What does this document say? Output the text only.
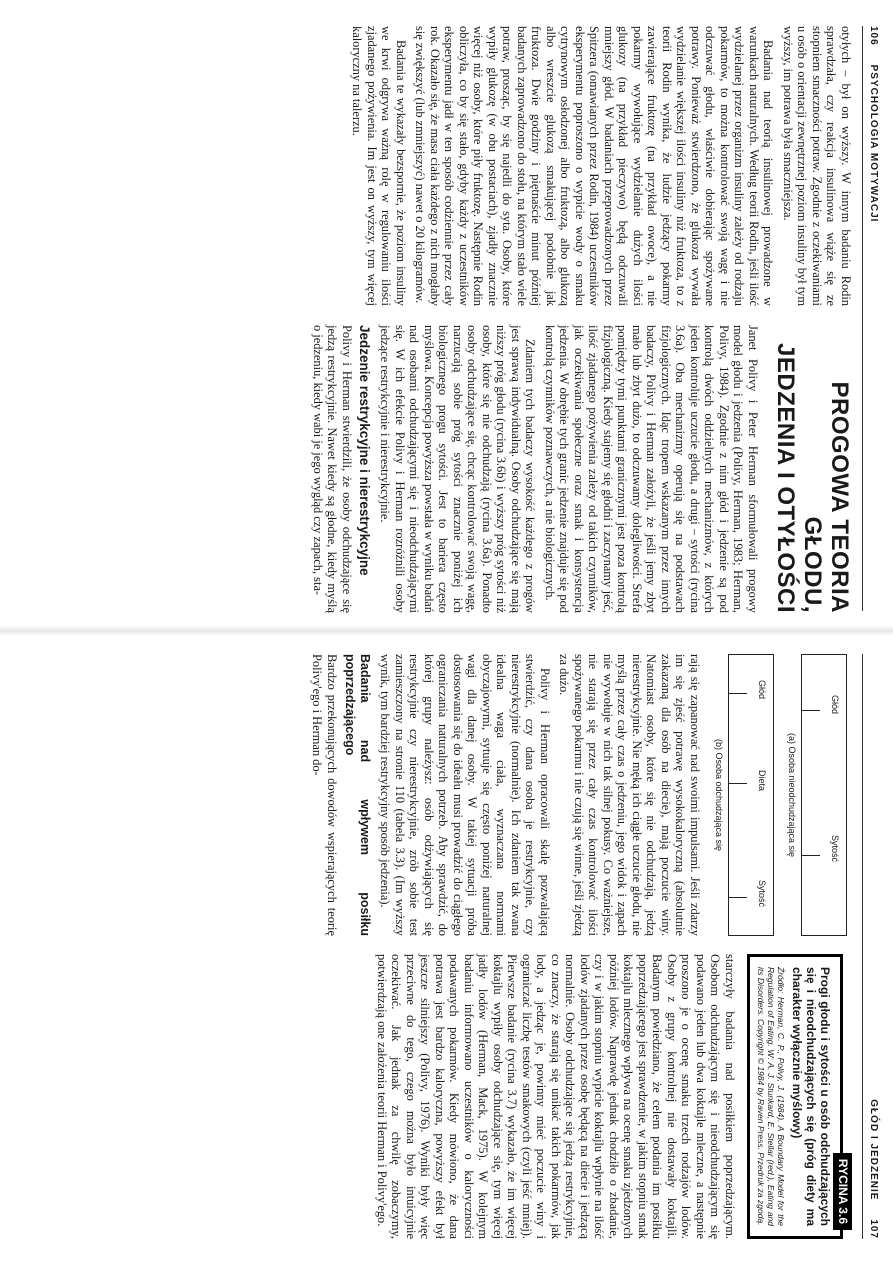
106     PSYCHOLOGIA MOTYWACJI

otyłych – był on wyższy. W innym badaniu Rodin sprawdzała, czy reakcja insulinowa wiąże się ze stopniem smaczności potraw. Zgodnie z oczekiwaniami u osób o orientacji zewnętrznej poziom insuliny był tym wyższy, im potrawa była smaczniejsza.

Badania nad teorią insulinowej prowadzone w warunkach naturalnych. Według teorii Rodin, jeśli ilość wydzielanej przez organizm insuliny zależy od rodzaju pokarmów, to można kontrolować swoją wagę i nie odczuwać głodu, właściwie dobierając spożywane potrawy. Ponieważ stwierdzono, że glukoza wywała wydzielanie większej ilości insuliny niż fruktoza, to z teorii Rodin wynika, że ludzie jedzący pokarmy zawierające fruktozę (na przykład owoce), a nie pokarmy wywołujące wydzielanie dużych ilości glukozy (na przykład pieczywo) będą odczuwali mniejszy głód. W badaniach przeprowadzonych przez Spitzera (omawianych przez Rodin, 1984) uczestników eksperymentu poproszono o wypicie wody o smaku cytrynowym osłodzonej albo fruktozą, albo glukozą albo wreszcie glukozą smakującej podobnie jak fruktoza. Dwie godziny i piętnaście minut później badanych zaprowadzono do stołu, na którym stało wiele potraw, prosząc, by się najedli do syta. Osoby, które wypiły glukozę (w obu postaciach), zjadły znacznie więcej niż osoby, które piły fruktozę. Następnie Rodin obliczyła, co by się stało, gdyby każdy z uczestników eksperymentu jadł w ten sposób codziennie przez cały rok. Okazało się, że masa ciała każdego z nich mogłaby się zwiększyć (lub zmniejszyć) nawet o 20 kilogramów.

Badania te wykazały bezspornie, że poziom insuliny we krwi odgrywa ważną rolę w regulowaniu ilości zjadanego pożywienia. Im jest on wyższy, tym więcej kaloryczny na talerzu.

PROGOWA TEORIA GŁODU,
JEDZENIA I OTYŁOŚCI

Janet Polivy i Peter Herman sformułowali progowy model głodu i jedzenia (Polivy, Herman, 1983; Herman, Polivy, 1984). Zgodnie z nim głód i jedzenie są pod kontrolą dwóch oddzielnych mechanizmów, z których jeden kontroluje uczucie głodu, a drugi – sytości (rycina 3.6a). Oba mechanizmy operują się na podstawach fizjologicznych. Idąc tropem wskazanym przez innych badaczy, Polivy i Herman założyli, że jeśli jemy zbyt mało lub zbyt dużo, to odczuwamy dolegliwości. Strefa pomiędzy tymi punktami granicznymi jest poza kontrolą fizjologiczną. Kiedy stajemy się głodni i zaczynamy jeść, ilość zjadanego pożywienia zależy od takich czynników, jak oczekiwania społeczne oraz smak i konsystencja jedzenia. W obrębie tych granic jedzenie znajduje się pod kontrolą czynników poznawczych, a nie biologicznych.

Zdaniem tych badaczy wysokość każdego z progów jest sprawą indywidualną. Osoby odchudzające się mają niższy próg głodu (rycina 3.6b) i wyższy próg sytości niż osoby, które się nie odchudzają (rycina 3.6a). Ponadto osoby odchudzające się, chcąc kontrolować swoją wagę, narzucają sobie próg sytości znacznie poniżej ich biologicznego progu sytości. Jest to bariera często myślowa. Koncepcja powyższa powstała w wyniku badań nad osobami odchudzającymi się i nieodchudzającymi się. W ich efekcie Polivy i Herman rozróżnili osoby jedzące restrykcyjnie i nierestrykcyjnie.

Jedzenie restrykcyjne i nierestrykcyjne

Polivy i Herman stwierdzili, że osoby odchudzające się jedzą restrykcyjnie. Nawet kiedy są głodne, kiedy myślą o jedzeniu, kiedy wabi je jego wygląd czy zapach, sta-

GŁÓD I JEDZENIE     107
Głód
Sytość
(a) Osoba nieodchudzająca się
Głód
Dieta
Sytość
(b) Osoba odchudzająca się

rają się zapanować nad swoimi impulsami. Jeśli zdarzy im się zjeść potrawę wysokokaloryczną (absolutnie zakazaną dla osób na diecie), mają poczucie winy. Natomiast osoby, które się nie odchudzają, jedzą nierestrykcyjnie. Nie męką ich ciągłe uczucie głodu, nie myślą przez cały czas o jedzeniu, jego widok i zapach nie wywołuje w nich tak silnej pokusy. Co ważniejsze, nie starają się przez cały czas kontrolować ilości spożywanego pokarmu i nie czują się winne, jeśli zjedzą za dużo.

Polivy i Herman opracowali skalę pozwalającą stwierdzić, czy dana osoba je restrykcyjnie, czy nierestrykcyjnie (normalnie). Ich zdaniem tak zwana idealna waga ciała, wyznaczana normami obyczajowymi, sytuuje się często poniżej naturalnej wagi dla danej osoby. W takiej sytuacji próba dostosowania się do ideału musi prowadzić do ciągłego ograniczania naturalnych potrzeb. Aby sprawdzić, do której grupy należysz: osób odżywiających się restrykcyjnie czy nierestrykcyjnie, zrób sobie test zamieszczony na stronie 110 (tabela 3.3). (Im wyższy wynik, tym bardziej restrykcyjny sposób jedzenia).

Badania nad wpływem posiłku poprzedzającego

Bardzo przekonujących dowodów wspierających teorię Polivy'ego i Herman do-

RYCINA 3.6
Progi głodu i sytości u osób odchudzających się i nieodchudzających się (próg diety ma charakter wyłącznie myślowy)
Źródło: Herman, C. P., Polivy, J. (1984). A Boundary Model for the Regulation of Eating. W: A. J. Stunkard, E. Stellar (red.), Eating and its Disorders. Copyright © 1984 by Raven Press. Przedruk za zgodą.

starczyły badania nad posiłkiem poprzedzającym. Osobom odchudzającym się i nieodchudzającym się podawano jeden lub dwa koktajle mleczne, a następnie proszono je o ocenę smaku trzech rodzajów lodów. Osoby z grupy kontrolnej nie dostawały koktajli. Badanym powiedziano, że celem podania im posiłku poprzedzającego jest sprawdzenie, w jakim stopniu smak koktajlu mlecznego wpływa na ocenę smaku zjedzonych później lodów. Naprawdę jednak chodziło o zbadanie, czy i w jakim stopniu wypicie koktajlu wpłynie na ilość lodów zjadanych przez osobę będącą na diecie i jedzącą normalnie. Osoby odchudzające się jedzą restrykcyjnie, co znaczy, że starają się unikać takich pokarmów, jak lody, a jedząc je, powinny mieć poczucie winy i ograniczać liczbę testów smakowych (czyli jeść mniej). Pierwsze badanie (rycina 3.7) wykazało, że im więcej koktajlu wypiły osoby odchudzające się, tym więcej jadły lodów (Herman, Mack, 1975). W kolejnym badaniu informowano uczestników o kaloryczności podawanych pokarmów. Kiedy mówiono, że dana potrawa jest bardzo kaloryczna, powyższy efekt był jeszcze silniejszy (Polivy, 1976). Wyniki były więc przeciwne do tego, czego można było intuicyjnie oczekiwać. Jak jednak za chwilę zobaczymy, potwierdzają one założenia teorii Herman i Polivy'ego.
